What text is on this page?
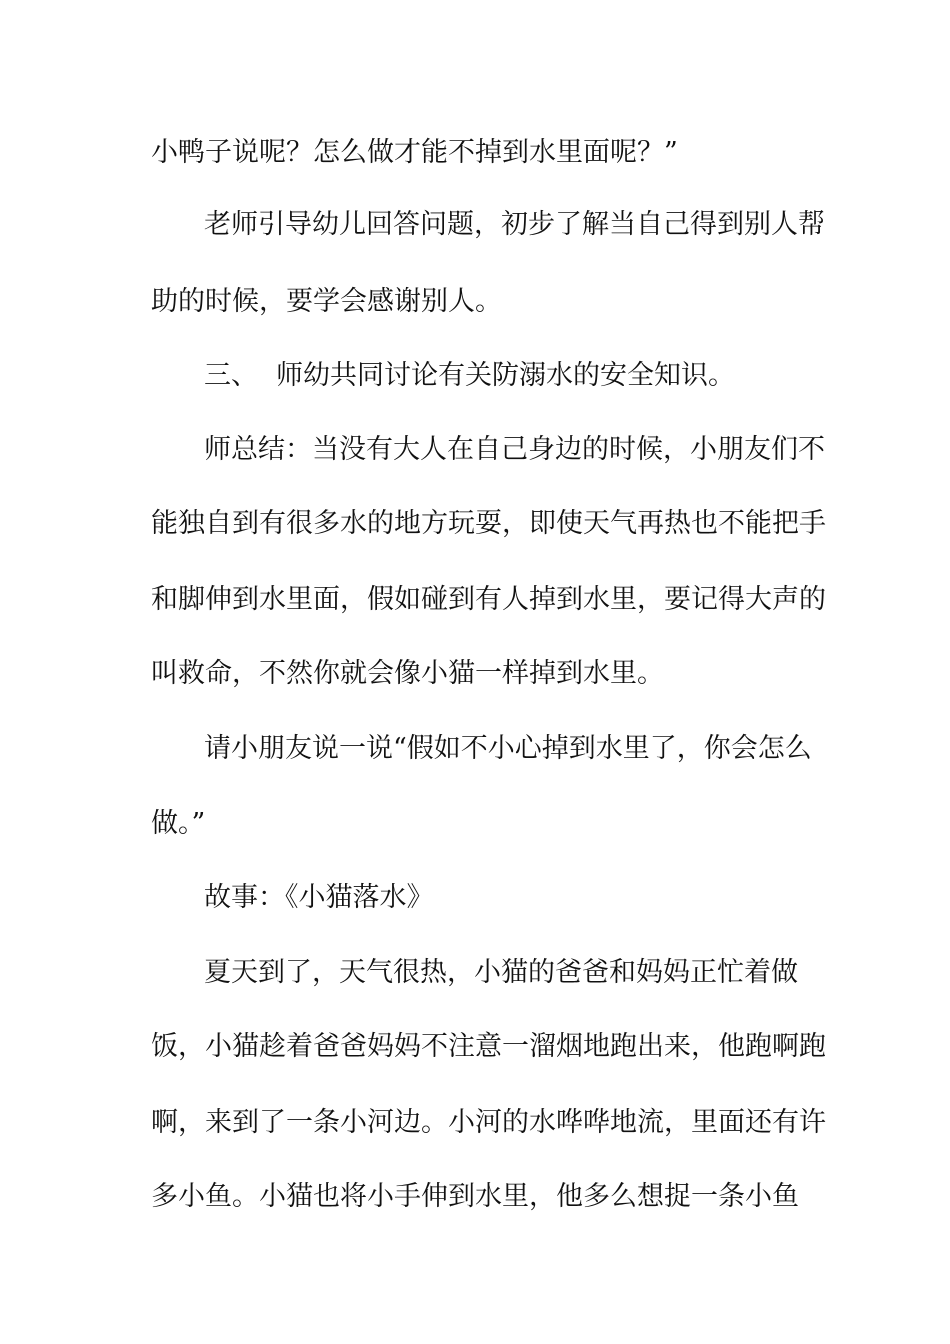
小鸭子说呢？怎么做才能不掉到水里面呢？”
老师引导幼儿回答问题，初步了解当自己得到别人帮
助的时候，要学会感谢别人。
三、 师幼共同讨论有关防溺水的安全知识。
师总结：当没有大人在自己身边的时候，小朋友们不
能独自到有很多水的地方玩耍，即使天气再热也不能把手
和脚伸到水里面，假如碰到有人掉到水里，要记得大声的
叫救命，不然你就会像小猫一样掉到水里。
请小朋友说一说“假如不小心掉到水里了，你会怎么
做。”
故事：《小猫落水》
夏天到了，天气很热，小猫的爸爸和妈妈正忙着做
饭，小猫趁着爸爸妈妈不注意一溜烟地跑出来，他跑啊跑
啊，来到了一条小河边。小河的水哗哗地流，里面还有许
多小鱼。小猫也将小手伸到水里，他多么想捉一条小鱼
